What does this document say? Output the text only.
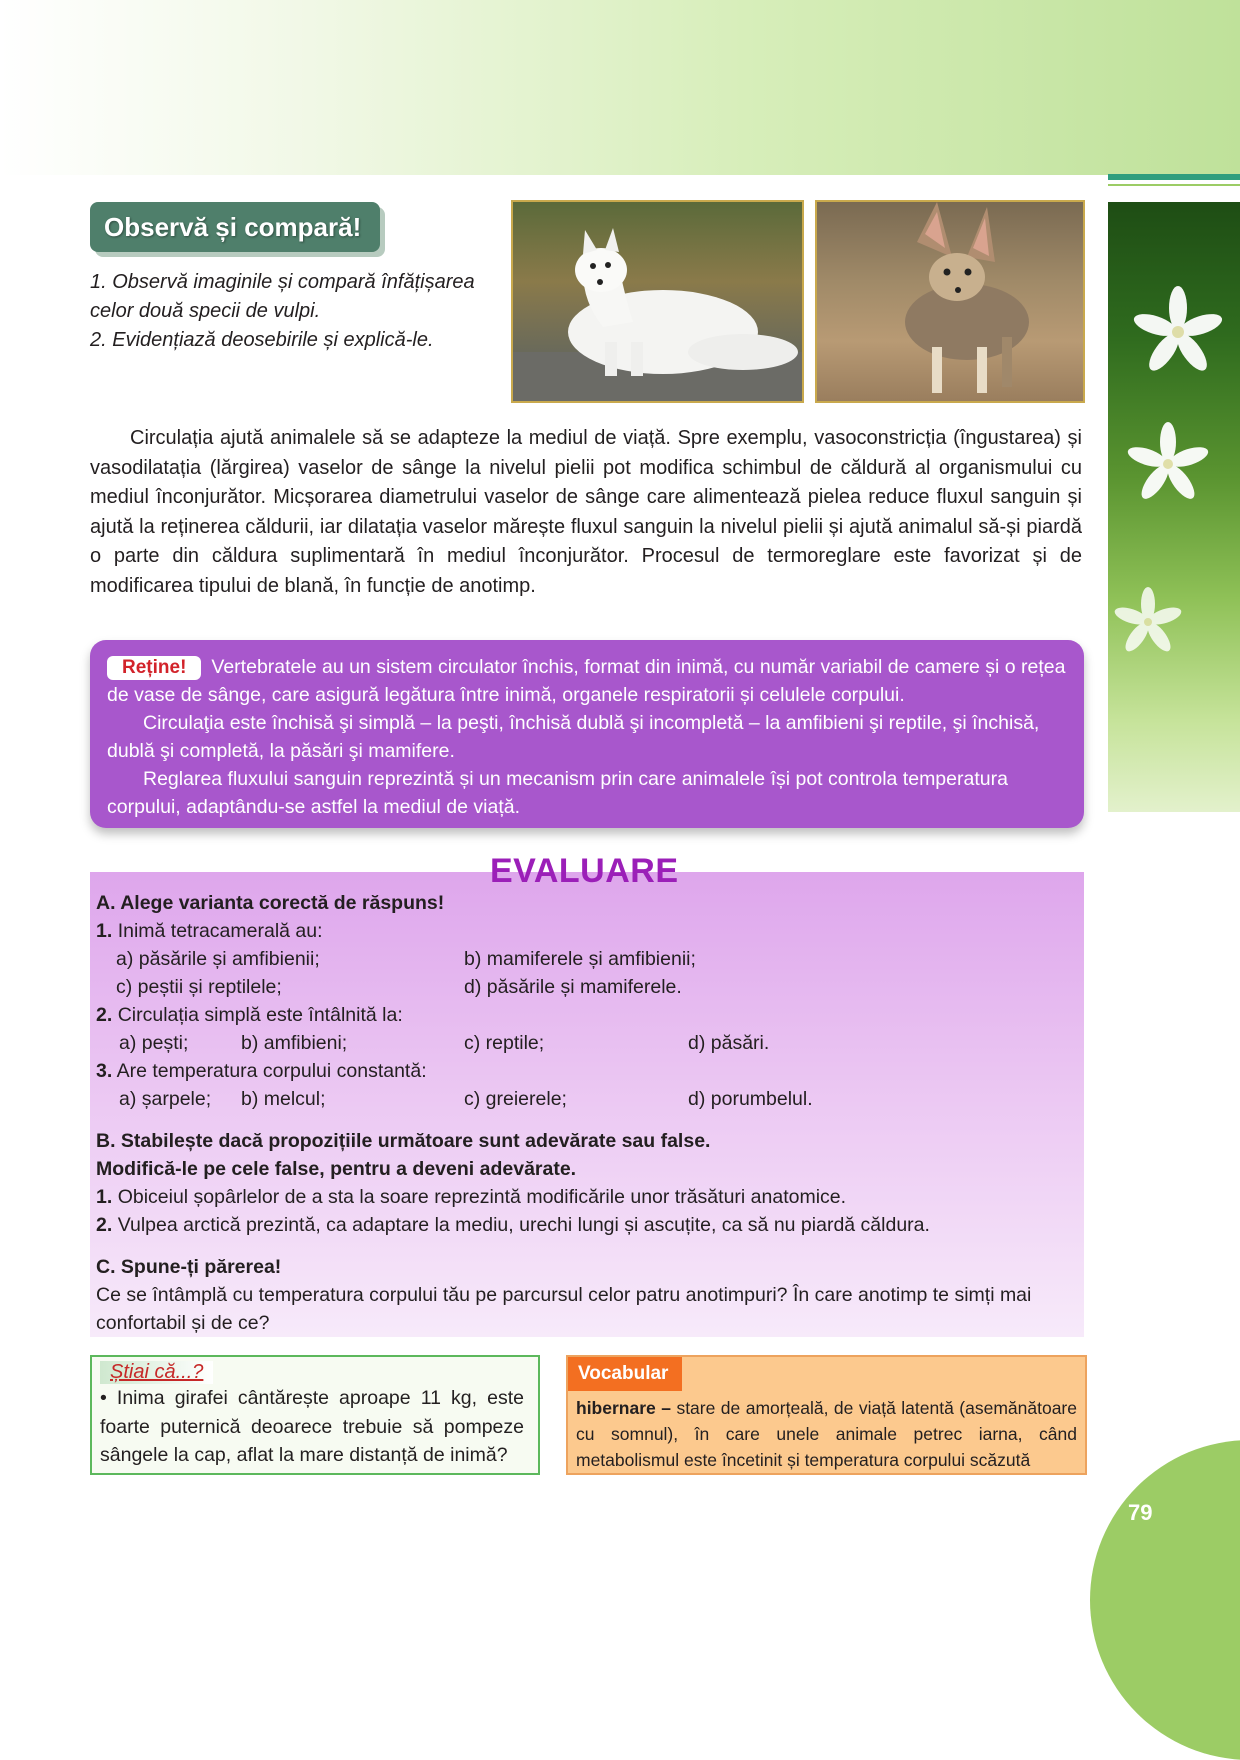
Observă și compară!
1. Observă imaginile și compară înfățișarea
celor două specii de vulpi.
2. Evidențiază deosebirile și explică-le.
Circulația ajută animalele să se adapteze la mediul de viață. Spre exemplu, vasoconstricția (îngustarea) și vasodilatația (lărgirea) vaselor de sânge la nivelul pielii pot modifica schimbul de căldură al organismului cu mediul înconjurător. Micșorarea diametrului vaselor de sânge care alimentează pielea reduce fluxul sanguin și ajută la reținerea căldurii, iar dilatația vaselor mărește fluxul sanguin la nivelul pielii și ajută animalul să-și piardă o parte din căldura suplimentară în mediul înconjurător. Procesul de termoreglare este favorizat și de modificarea tipului de blană, în funcție de anotimp.

Reține! Vertebratele au un sistem circulator închis, format din inimă, cu număr variabil de camere și o rețea de vase de sânge, care asigură legătura între inimă, organele respiratorii și celulele corpului.

Circulaţia este închisă şi simplă – la peşti, închisă dublă şi incompletă – la amfibieni şi reptile, şi închisă, dublă şi completă, la păsări şi mamifere.

Reglarea fluxului sanguin reprezintă și un mecanism prin care animalele își pot controla temperatura corpului, adaptându-se astfel la mediul de viață.

EVALUARE
A. Alege varianta corectă de răspuns!
1. Inimă tetracamerală au:
a) păsările și amfibienii;	b) mamiferele și amfibienii;
c) peștii și reptilele;	d) păsările și mamiferele.
2. Circulația simplă este întâlnită la:
a) pești;	b) amfibieni;	c) reptile;	d) păsări.
3. Are temperatura corpului constantă:
a) șarpele; b) melcul;	c) greierele;	d) porumbelul.
B. Stabilește dacă propozițiile următoare sunt adevărate sau false.
Modifică-le pe cele false, pentru a deveni adevărate.
1. Obiceiul șopârlelor de a sta la soare reprezintă modificările unor trăsături anatomice.
2. Vulpea arctică prezintă, ca adaptare la mediu, urechi lungi și ascuțite, ca să nu piardă căldura.
C. Spune-ți părerea!
Ce se întâmplă cu temperatura corpului tău pe parcursul celor patru anotimpuri? În care anotimp te simți mai
confortabil și de ce?
Știai că...?
• Inima girafei cântărește aproape 11 kg, este foarte puternică deoarece trebuie să pompeze sângele la cap, aflat la mare distanță de inimă?
Vocabular
hibernare – stare de amorțeală, de viață latentă (asemănătoare cu somnul), în care unele animale petrec iarna, când metabolismul este încetinit și temperatura corpului scăzută
79
